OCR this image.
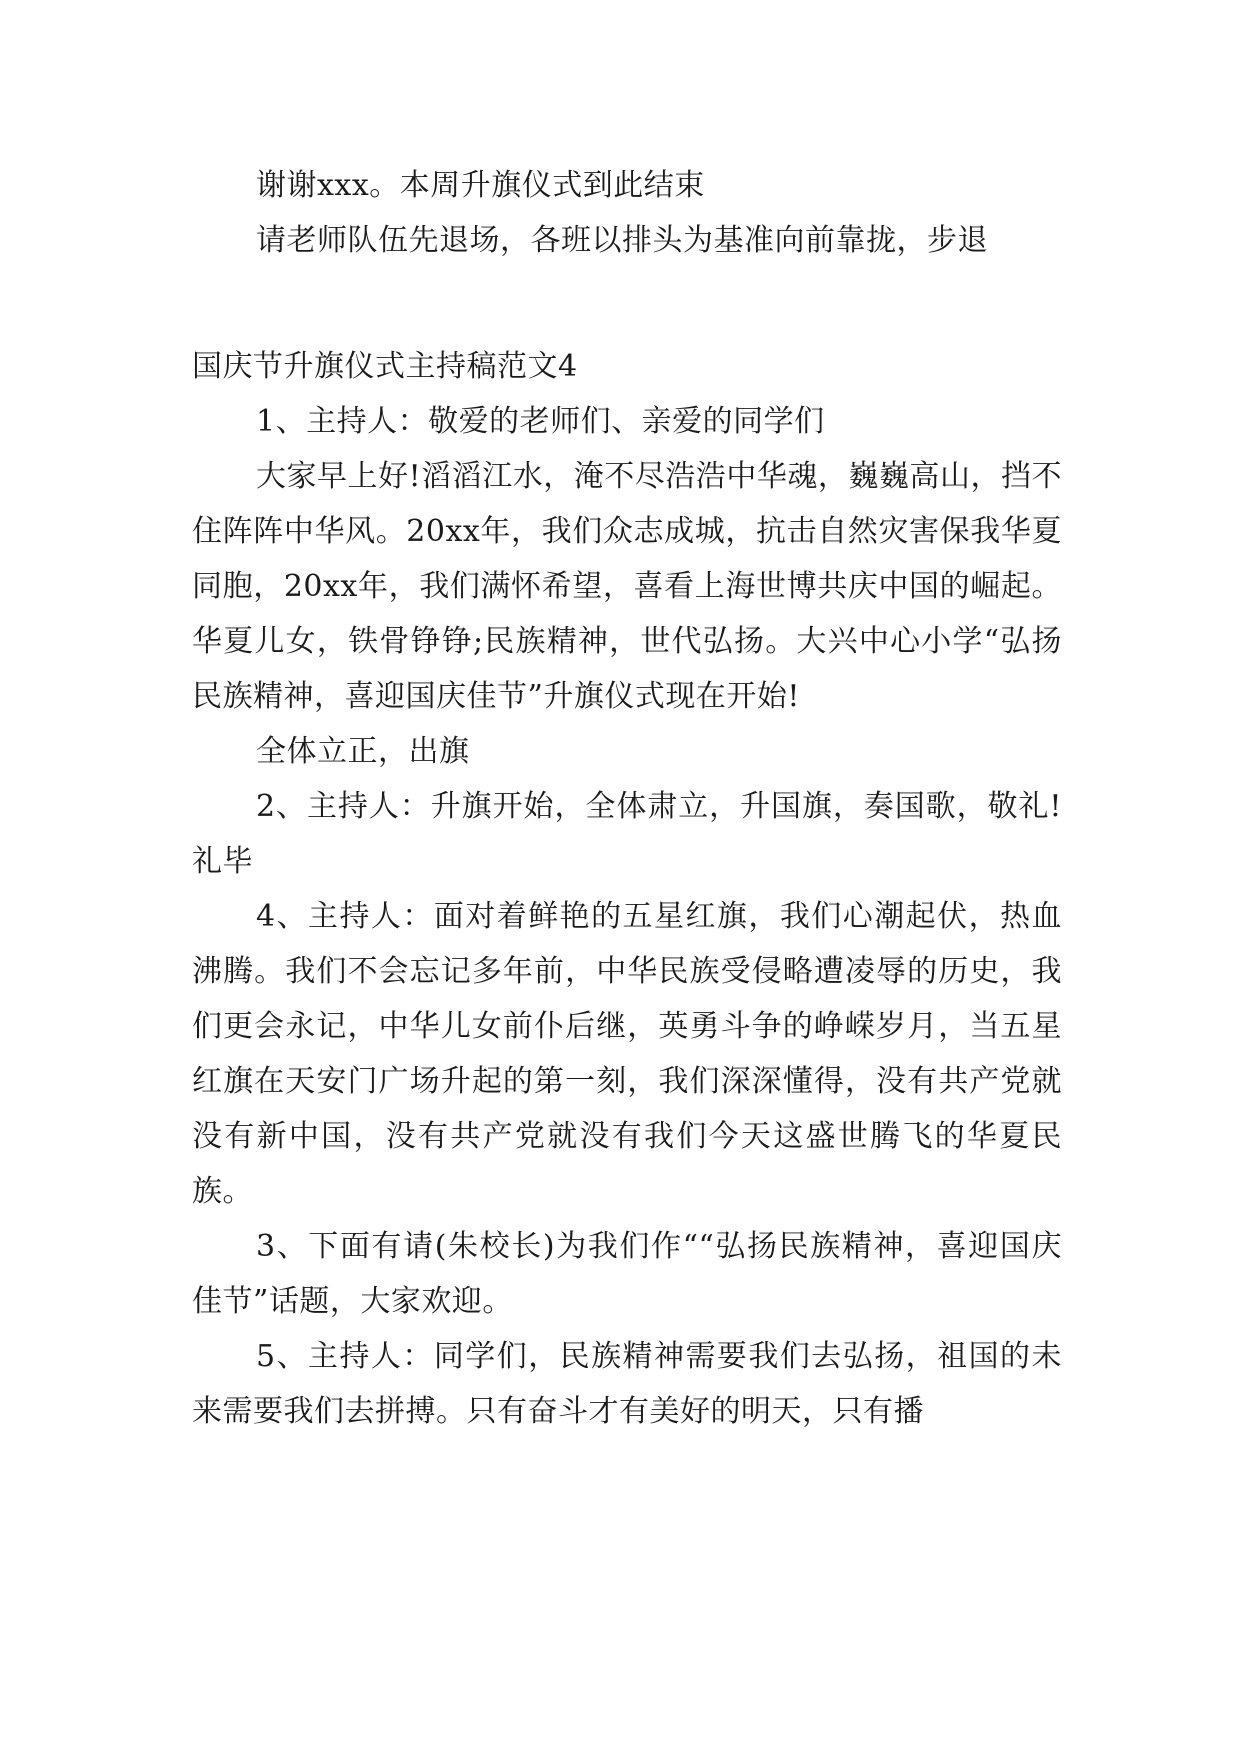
谢谢xxx。本周升旗仪式到此结束

请老师队伍先退场，各班以排头为基准向前靠拢，步退

国庆节升旗仪式主持稿范文4

1、主持人：敬爱的老师们、亲爱的同学们

大家早上好!滔滔江水，淹不尽浩浩中华魂，巍巍高山，挡不住阵阵中华风。20xx年，我们众志成城，抗击自然灾害保我华夏同胞，20xx年，我们满怀希望，喜看上海世博共庆中国的崛起。华夏儿女，铁骨铮铮;民族精神，世代弘扬。大兴中心小学“弘扬民族精神，喜迎国庆佳节”升旗仪式现在开始!

全体立正，出旗

2、主持人：升旗开始，全体肃立，升国旗，奏国歌，敬礼!礼毕

4、主持人：面对着鲜艳的五星红旗，我们心潮起伏，热血沸腾。我们不会忘记多年前，中华民族受侵略遭凌辱的历史，我们更会永记，中华儿女前仆后继，英勇斗争的峥嵘岁月，当五星红旗在天安门广场升起的第一刻，我们深深懂得，没有共产党就没有新中国，没有共产党就没有我们今天这盛世腾飞的华夏民族。

3、下面有请(朱校长)为我们作““弘扬民族精神，喜迎国庆佳节”话题，大家欢迎。

5、主持人：同学们，民族精神需要我们去弘扬，祖国的未来需要我们去拼搏。只有奋斗才有美好的明天，只有播
